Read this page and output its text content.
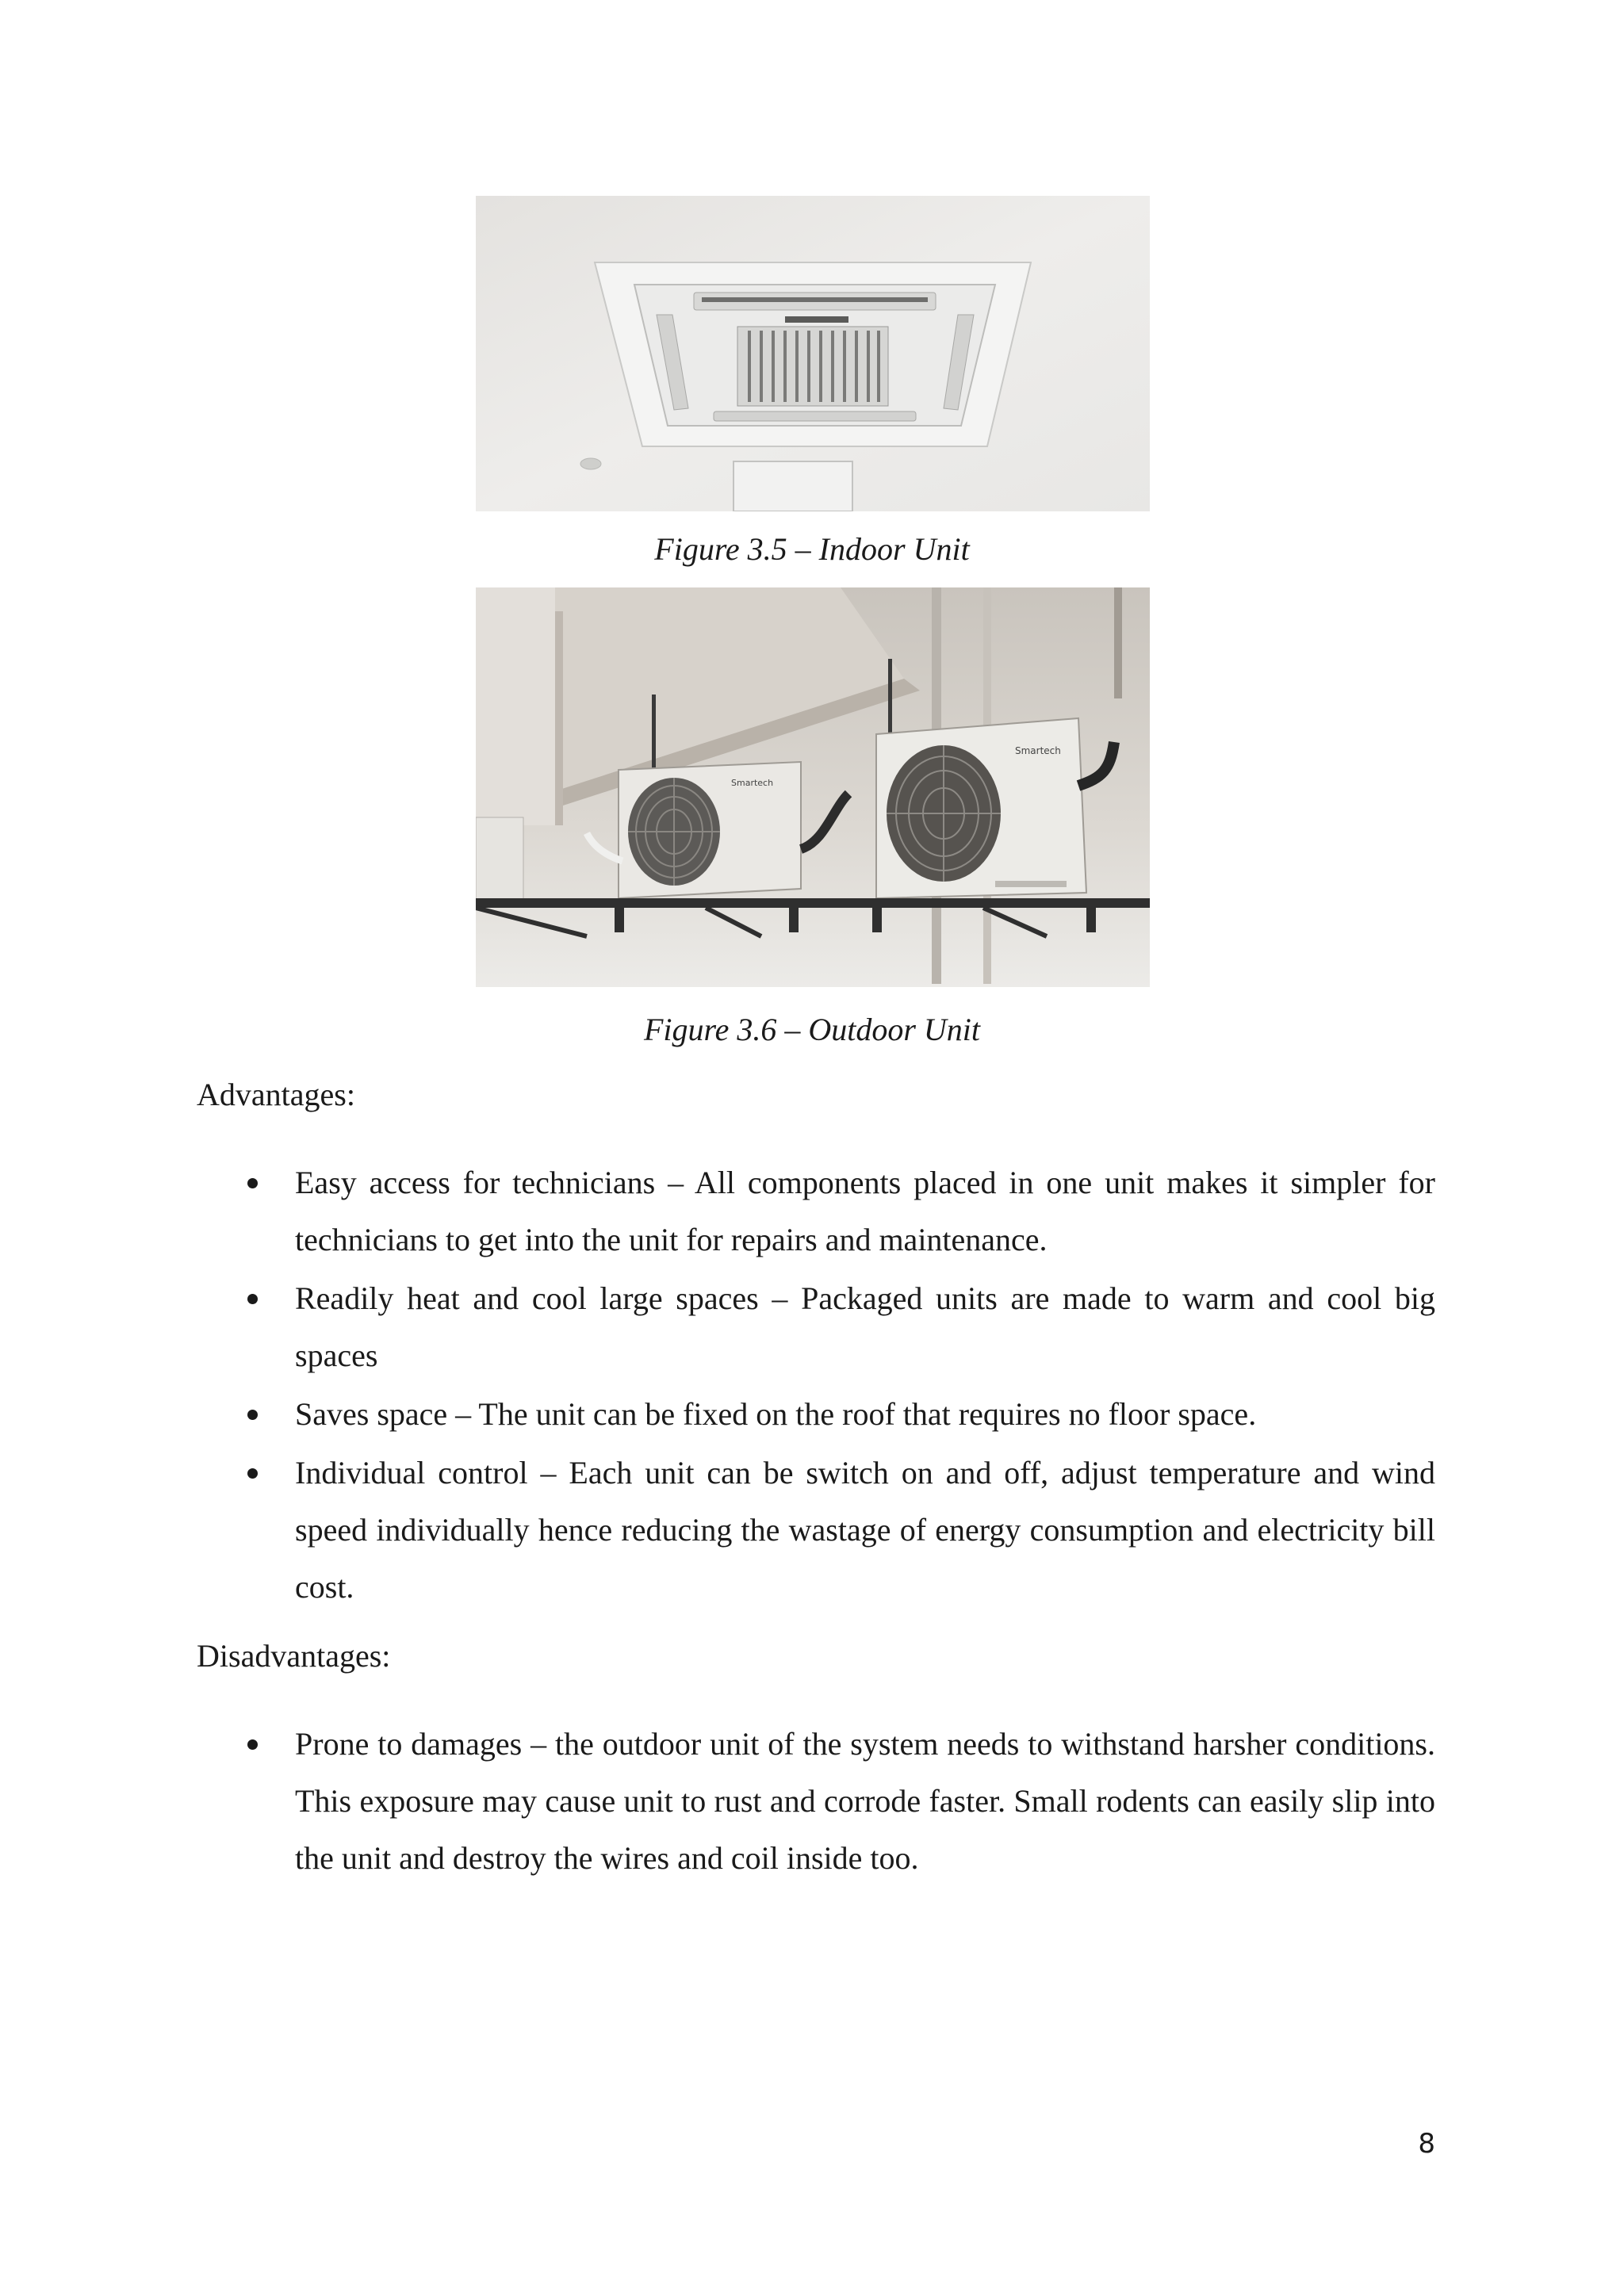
Figure 3.5 – Indoor Unit
Smartech
Smartech
Figure 3.6 – Outdoor Unit
Advantages:
Easy access for technicians – All components placed in one unit makes it simpler for technicians to get into the unit for repairs and maintenance.
Readily heat and cool large spaces – Packaged units are made to warm and cool big spaces
Saves space – The unit can be fixed on the roof that requires no floor space.
Individual control – Each unit can be switch on and off, adjust temperature and wind speed individually hence reducing the wastage of energy consumption and electricity bill cost.
Disadvantages:
Prone to damages – the outdoor unit of the system needs to withstand harsher conditions. This exposure may cause unit to rust and corrode faster. Small rodents can easily slip into the unit and destroy the wires and coil inside too.
8
